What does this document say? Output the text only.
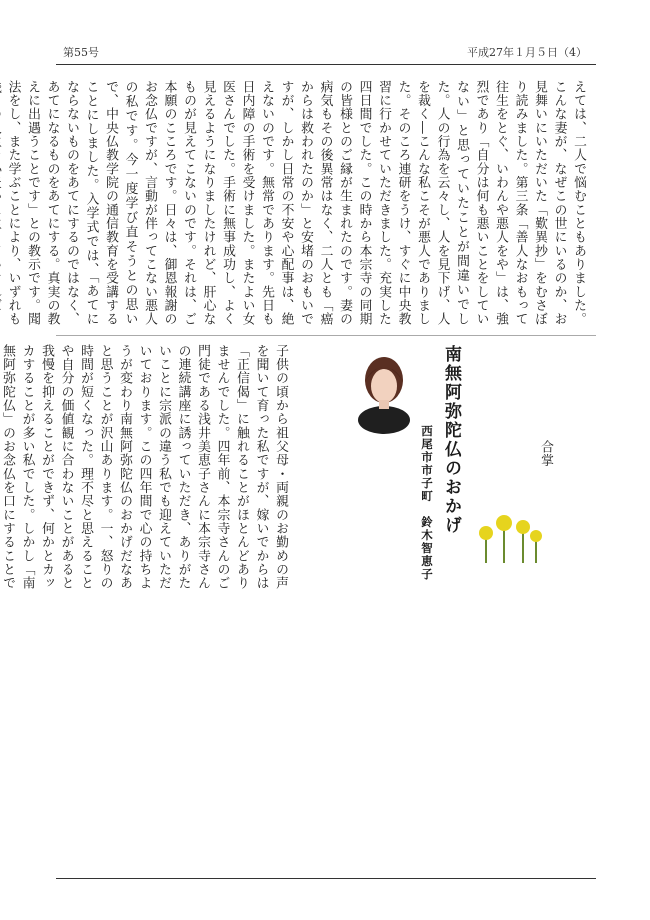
第55号	平成27年１月５日（4）
えては、二人で悩むこともありました。こんな妻が、なぜこの世にいるのか、お見舞いにいただいた「歎異抄」をむさぼり読みました。第三条「善人なおもって往生をとぐ、いわんや悪人をや」は、強烈であり「自分は何も悪いことをしていない」と思っていたことが間違いでした。人の行為を云々し、人を見下げ、人を裁く―こんな私こそが悪人でありました。そのころ連研をうけ、すぐに中央教習に行かせていただきました。充実した四日間でした。この時から本宗寺の同期の皆様とのご縁が生まれたのです。妻の病気もその後異常はなく、二人とも「癌からは救われたのか」と安堵のおもいですが、しかし日常の不安や心配事は、絶えないのです。無常であります。先日も日内障の手術を受けました。またよい女医さんでした。手術に無事成功し、よく見えるようになりましたけれど、肝心なものが見えてこないのです。それは、ご本願のこころです。日々は、御恩報謝のお念仏ですが、言動が伴ってこない悪人の私です。今一度学び直そうとの思いで、中央仏教学院の通信教育を受講することにしました。入学式では、「あてにならないものをあてにするのではなく、あてになるものをあてにする。真実の教えに出遇うことです」との教示です。聞法をし、また学ぶことにより、いずれも
合掌
南無阿弥陀仏のおかげ
西尾市市子町　鈴木智恵子
子供の頃から祖父母・両親のお勤めの声を聞いて育った私ですが、嫁いでからは「正信偈」に触れることがほとんどありませんでした。四年前、本宗寺さんのご門徒である浅井美恵子さんに本宗寺さんの連続講座に誘っていただき、ありがたいことに宗派の違う私でも迎えていただいております。この四年間で心の持ちようが変わり南無阿弥陀仏のおかげだなあと思うことが沢山あります。一、怒りの時間が短くなった。理不尽と思えることや自分の価値観に合わないことがあると我慢を抑えることができず、何かとカッカすることが多い私でした。しかし「南無阿弥陀仏」のお念仏を口にすることで
